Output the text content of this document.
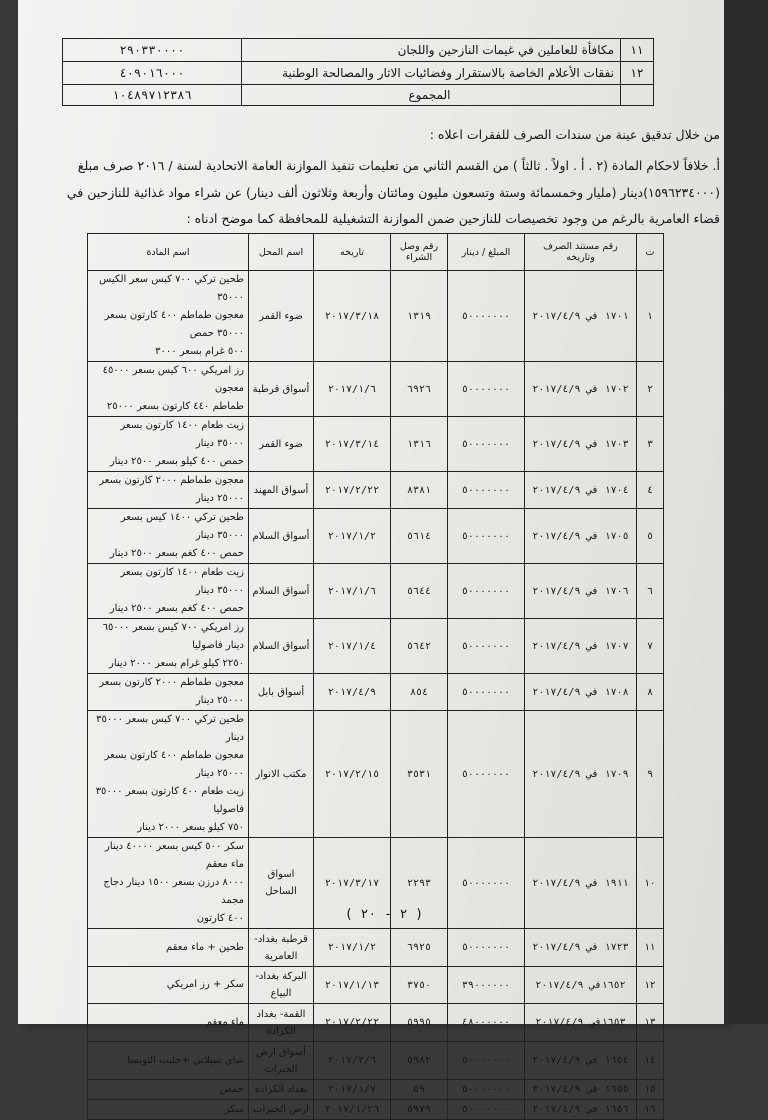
١١	مكافأة للعاملين في غيمات النازحين واللجان	٢٩٠٣٣٠٠٠٠
١٢	نفقات الأعلام الخاصة بالاستقرار وفضائيات الاثار والمصالحة الوطنية	٤٠٩٠١٦٠٠٠
	المجموع	١٠٤٨٩٧١٢٣٨٦
من خلال تدقيق عينة من سندات الصرف للفقرات اعلاه :
أ. خلافاً لاحكام المادة (٢ . أ . اولاً . ثالثاً ) من القسم الثاني من تعليمات تنفيذ الموازنة العامة الاتحادية لسنة / ٢٠١٦ صرف مبلغ
(١٥٩٦٢٣٤٠٠٠)دينار (مليار وخمسمائة وستة وتسعون مليون ومائتان وأربعة وثلاثون ألف دينار) عن شراء مواد غذائية للنازحين في
قضاء العامرية بالرغم من وجود تخصيصات للنازحين ضمن الموازنة التشغيلية للمحافظة كما موضح ادناه :
ت	رقم مستند الصرف وتاريخه	المبلغ / دينار	رقم وصل الشراء	تاريخه	اسم المحل	اسم المادة
١	١٧٠١ في ٢٠١٧/٤/٩	٥٠٠٠٠٠٠٠	١٣١٩	٢٠١٧/٣/١٨	ضوء القمر	طحين تركي ٧٠٠ كيس سعر الكيس ٣٥٠٠٠
معجون طماطم ٤٠٠ كارتون بسعر ٣٥٠٠٠ حمص
٥٠٠ غرام بسعر ٣٠٠٠

٢	١٧٠٢ في ٢٠١٧/٤/٩	٥٠٠٠٠٠٠٠	٦٩٢٦	٢٠١٧/١/٦	أسواق قرطبة	رز امريكي ٦٠٠ كيس بسعر ٤٥٠٠٠ معجون
طماطم ٤٤٠ كارتون بسعر ٢٥٠٠٠

٣	١٧٠٣ في ٢٠١٧/٤/٩	٥٠٠٠٠٠٠٠	١٣١٦	٢٠١٧/٣/١٤	ضوء القمر	زيت طعام ١٤٠٠ كارتون بسعر ٣٥٠٠٠ دينار
حمص ٤٠٠ كيلو بسعر ٢٥٠٠ دينار

٤	١٧٠٤ في ٢٠١٧/٤/٩	٥٠٠٠٠٠٠٠	٨٣٨١	٢٠١٧/٢/٢٢	أسواق المهند	معجون طماطم ٢٠٠٠ كارتون بسعر ٢٥٠٠٠ دينار

٥	١٧٠٥ في ٢٠١٧/٤/٩	٥٠٠٠٠٠٠٠	٥٦١٤	٢٠١٧/١/٢	أسواق السلام	طحين تركي ١٤٠٠ كيس بسعر ٣٥٠٠٠ دينار
حمص ٤٠٠ كغم بسعر ٢٥٠٠ دينار

٦	١٧٠٦ في ٢٠١٧/٤/٩	٥٠٠٠٠٠٠٠	٥٦٤٤	٢٠١٧/١/٦	أسواق السلام	زيت طعام ١٤٠٠ كارتون بسعر ٣٥٠٠٠ دينار
حمص ٤٠٠ كغم بسعر ٢٥٠٠ دينار

٧	١٧٠٧ في ٢٠١٧/٤/٩	٥٠٠٠٠٠٠٠	٥٦٤٢	٢٠١٧/١/٤	أسواق السلام	رز امريكي ٧٠٠ كيس بسعر ٦٥٠٠٠ دينار فاصوليا
٢٢٥٠ كيلو غرام بسعر ٢٠٠٠ دينار

٨	١٧٠٨ في ٢٠١٧/٤/٩	٥٠٠٠٠٠٠٠	٨٥٤	٢٠١٧/٤/٩	أسواق بابل	معجون طماطم ٢٠٠٠ كارتون بسعر ٢٥٠٠٠ دينار

٩	١٧٠٩ في ٢٠١٧/٤/٩	٥٠٠٠٠٠٠٠	٣٥٣١	٢٠١٧/٢/١٥	مكتب الانوار	طحين تركي ٧٠٠ كيس بسعر ٣٥٠٠٠ دينار
معجون طماطم ٤٠٠ كارتون بسعر ٢٥٠٠٠ دينار
زيت طعام ٤٠٠ كارتون بسعر ٣٥٠٠٠ فاصوليا
٧٥٠ كيلو بسعر ٢٠٠٠ دينار

١٠	١٩١١ في ٢٠١٧/٤/٩	٥٠٠٠٠٠٠٠	٢٢٩٣	٢٠١٧/٣/١٧	اسواق الساحل	سكر ٥٠٠ كيس بسعر ٤٠٠٠٠ دينار ماء معقم
٨٠٠٠ درزن بسعر ١٥٠٠ دينار دجاج مجمد
٤٠٠ كارتون

١١	١٧٢٣ في ٢٠١٧/٤/٩	٥٠٠٠٠٠٠٠	٦٩٢٥	٢٠١٧/١/٢	قرطبة بغداد-العامرية	طحين + ماء معقم

١٢	١٦٥٢في ٢٠١٧/٤/٩	٣٩٠٠٠٠٠٠	٣٧٥٠	٢٠١٧/١/١٣	البركة بغداد-البياع	سكر + رز امريكي

١٣	١٦٥٣في ٢٠١٧/٤/٩	٤٨٠٠٠٠٠٠	٥٩٩٥	٢٠١٧/٢/٢٢	القمة- بغداد الكرادة	ماء معقم

١٤	١٦٥٤ في ٢٠١٧/٤/٩	٥٠٠٠٠٠٠٠	٥٩٨٢	٢٠١٧/٢/٦	أسواق ارض الخيرات	شاي سيلاني +حليب النونسا

١٥	١٦٥٥ في ٢٠١٧/٤/٩	٥٠٠٠٠٠٠٠	٥٩	٢٠١٧/١/٧	بغداد الكرادة	حمص

١٦	١٦٥٦ في ٢٠١٧/٤/٩	٥٠٠٠٠٠٠٠	٥٩٧٩	٢٠١٧/١/٢٦	ارض الخيرات	سكر
( ٢ - ٢٠ )
